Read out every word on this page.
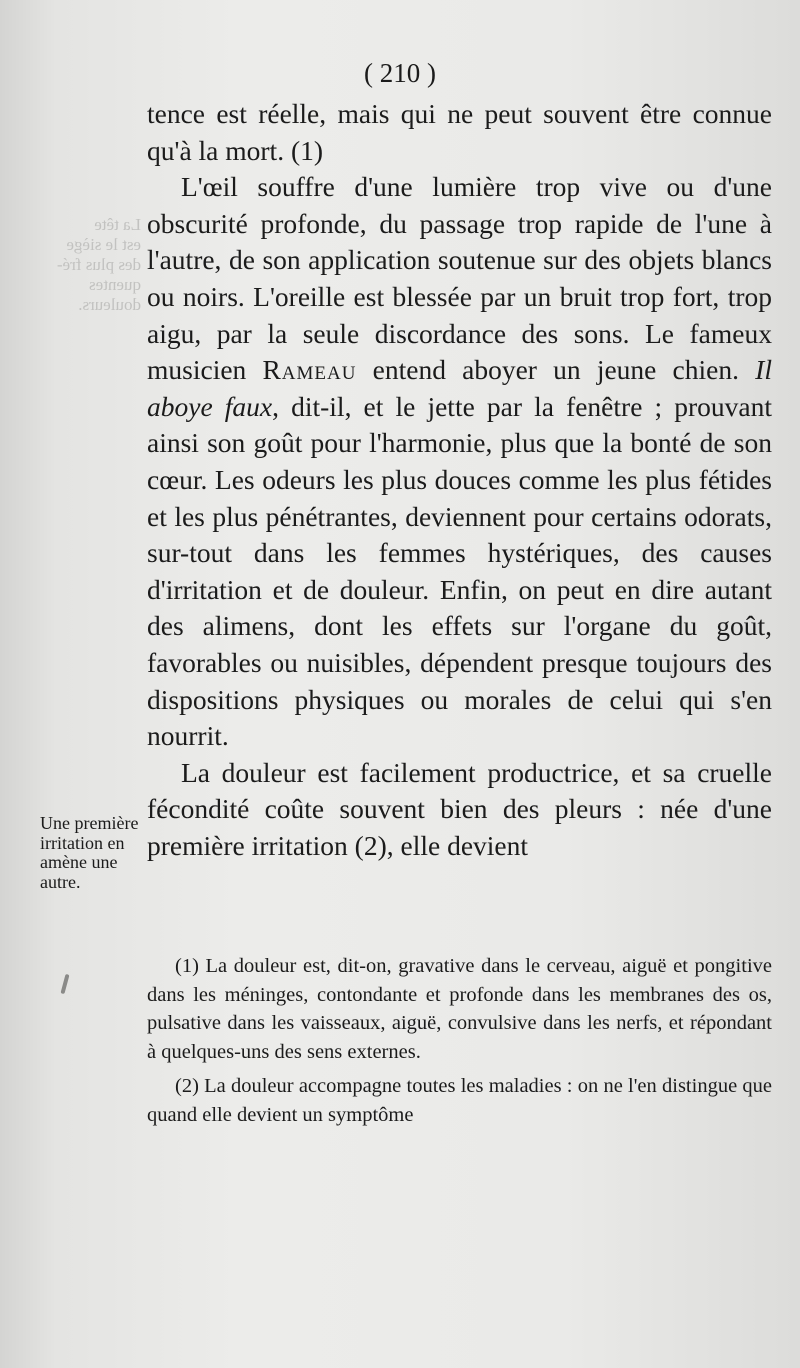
La tête
est le siège
des plus fré-
quentes
douleurs.
( 210 )

tence est réelle, mais qui ne peut souvent être connue qu'à la mort. (1)

L'œil souffre d'une lumière trop vive ou d'une obscurité profonde, du passage trop rapide de l'une à l'autre, de son application soutenue sur des objets blancs ou noirs. L'oreille est blessée par un bruit trop fort, trop aigu, par la seule discordance des sons. Le fameux musicien Rameau entend aboyer un jeune chien. Il aboye faux, dit-il, et le jette par la fenêtre ; prouvant ainsi son goût pour l'harmonie, plus que la bonté de son cœur. Les odeurs les plus douces comme les plus fétides et les plus pénétrantes, deviennent pour certains odorats, sur-tout dans les femmes hystériques, des causes d'irritation et de douleur. Enfin, on peut en dire autant des alimens, dont les effets sur l'organe du goût, favorables ou nuisibles, dépendent presque toujours des dispositions physiques ou morales de celui qui s'en nourrit.

La douleur est facilement productrice, et sa cruelle fécondité coûte souvent bien des pleurs : née d'une première irritation (2), elle devient

Une première irritation en amène une autre.

(1) La douleur est, dit-on, gravative dans le cerveau, aiguë et pongitive dans les méninges, contondante et profonde dans les membranes des os, pulsative dans les vaisseaux, aiguë, convulsive dans les nerfs, et répondant à quelques-uns des sens externes.

(2) La douleur accompagne toutes les maladies : on ne l'en distingue que quand elle devient un symptôme
